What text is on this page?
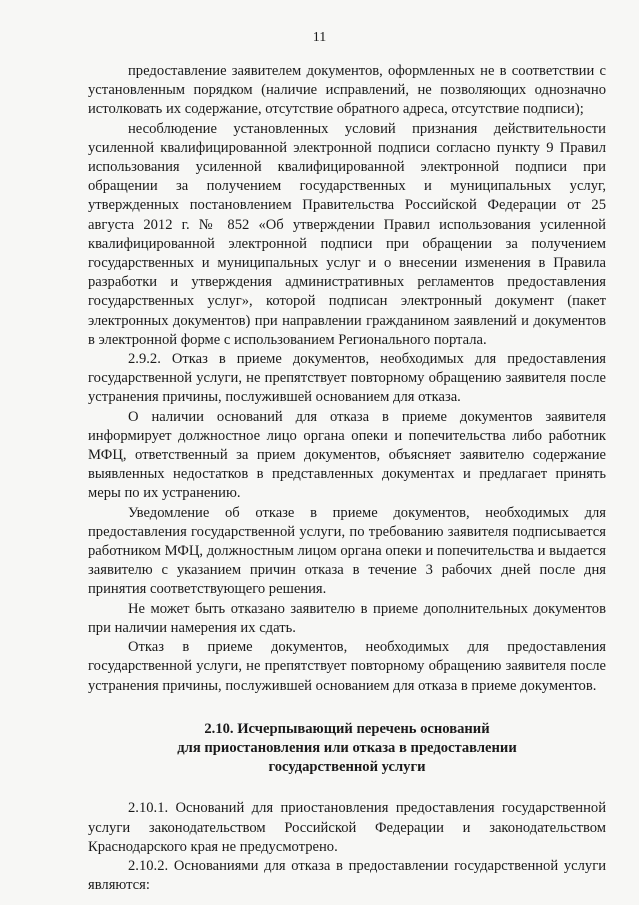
11

предоставление заявителем документов, оформленных не в соответствии с установленным порядком (наличие исправлений, не позволяющих однозначно истолковать их содержание, отсутствие обратного адреса, отсутствие подписи);

несоблюдение установленных условий признания действительности усиленной квалифицированной электронной подписи согласно пункту 9 Правил использования усиленной квалифицированной электронной подписи при обращении за получением государственных и муниципальных услуг, утвержденных постановлением Правительства Российской Федерации от 25 августа 2012 г. № 852 «Об утверждении Правил использования усиленной квалифицированной электронной подписи при обращении за получением государственных и муниципальных услуг и о внесении изменения в Правила разработки и утверждения административных регламентов предоставления государственных услуг», которой подписан электронный документ (пакет электронных документов) при направлении гражданином заявлений и документов в электронной форме с использованием Регионального портала.

2.9.2. Отказ в приеме документов, необходимых для предоставления государственной услуги, не препятствует повторному обращению заявителя после устранения причины, послужившей основанием для отказа.

О наличии оснований для отказа в приеме документов заявителя информирует должностное лицо органа опеки и попечительства либо работник МФЦ, ответственный за прием документов, объясняет заявителю содержание выявленных недостатков в представленных документах и предлагает принять меры по их устранению.

Уведомление об отказе в приеме документов, необходимых для предоставления государственной услуги, по требованию заявителя подписывается работником МФЦ, должностным лицом органа опеки и попечительства и выдается заявителю с указанием причин отказа в течение 3 рабочих дней после дня принятия соответствующего решения.

Не может быть отказано заявителю в приеме дополнительных документов при наличии намерения их сдать.

Отказ в приеме документов, необходимых для предоставления государственной услуги, не препятствует повторному обращению заявителя после устранения причины, послужившей основанием для отказа в приеме документов.

2.10. Исчерпывающий перечень оснований
для приостановления или отказа в предоставлении
государственной услуги

2.10.1. Оснований для приостановления предоставления государственной услуги законодательством Российской Федерации и законодательством Краснодарского края не предусмотрено.

2.10.2. Основаниями для отказа в предоставлении государственной услуги являются:
